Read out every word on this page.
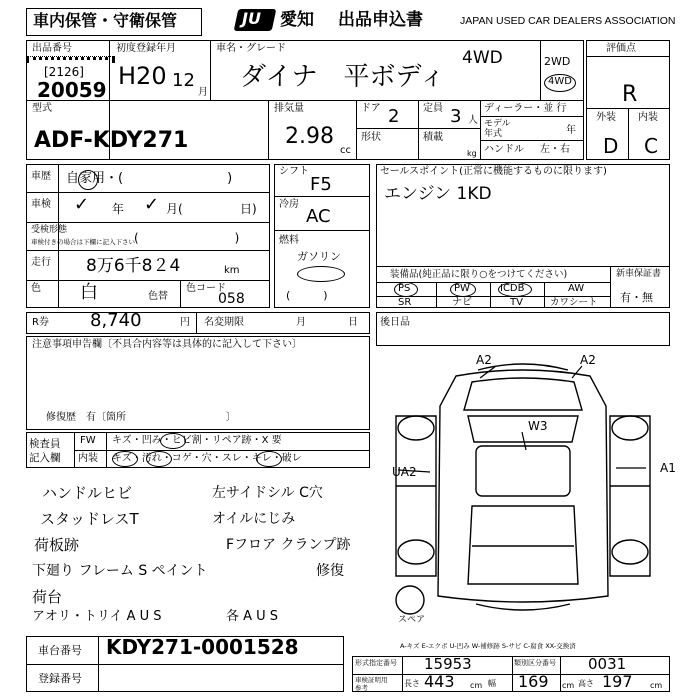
車内保管・守衛保管	JU 愛知 出品申込書	JAPAN USED CAR DEALERS ASSOCIATION
出品番号
[2126]
20059
初度登録年月
H20 12
月
車名・グレード
ダイナ　平ボディ
4WD	2WD
4WD
評価点
R
外装 内装
D C
型式
ADF-KDY271
排気量
2.98
cc
ドア 2 定員 3 人
形状	積載
kg
ディーラー・並 行
モデル
年式	年
ハンドル 左・右
車歴 自家用・(　　　　　　　　)
車検 ✓ 年 ✓ 月(	日)
受検形態
車検付きの場合は下欄に記入下さい (　　　　　　　　)
走行 8万6千8２4	km
色 白	色替
色コード
058
シフト
F5
冷房
AC
燃料
ガソリン
(　　　)
セールスポイント(正常に機能するものに限ります)
エンジン 1KD
装備品(純正品に限り○をつけてください)
PS	PW	ICDB	AW
SR	ナビ	TV	カワシート
新車保証書
有・無
R券 8,740	円 名変期限	月	日 後日品
注意事項申告欄〔不具合内容等は具体的に記入して下さい〕
修復歴　有〔箇所　　　　　　　　　　〕
検査員
記入欄
FW キズ・凹み・ヒビ割・リペア跡・X 要
内装 キズ・汚れ・コゲ・穴・スレ・キレ・破レ
ハンドルヒビ
スタッドレスT
荷板跡
下廻り フレーム S ペイント
荷台
アオリ・トリイ A U S
左サイドシル C穴
オイルにじみ
Fフロア クランプ跡
修復
各 A U S
A2	A2
W3
UA2	A1
スペア
A-キズ E-エクボ U-凹み W-補修跡 S-サビ C-腐食 XX-交換済
車台番号 KDY271-0001528
登録番号
形式指定番号 15953	類別区分番号 0031
車検証明用
参考	長さ 443 cm 幅 169 cm 高さ 197 cm
